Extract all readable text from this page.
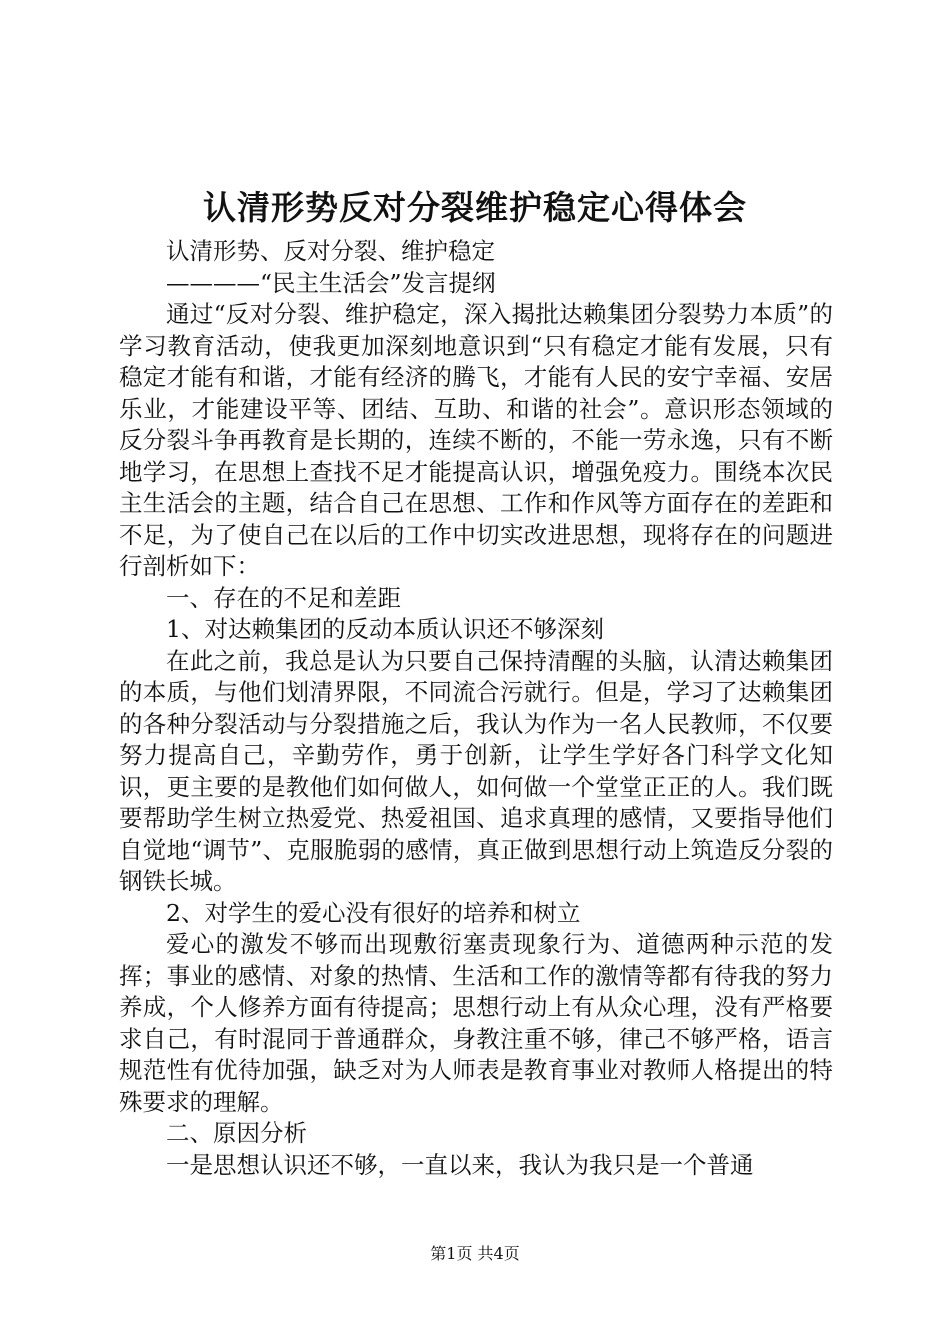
认清形势反对分裂维护稳定心得体会

认清形势、反对分裂、维护稳定

————“民主生活会”发言提纲

通过“反对分裂、维护稳定，深入揭批达赖集团分裂势力本质”的学习教育活动，使我更加深刻地意识到“只有稳定才能有发展，只有稳定才能有和谐，才能有经济的腾飞，才能有人民的安宁幸福、安居乐业，才能建设平等、团结、互助、和谐的社会”。意识形态领域的反分裂斗争再教育是长期的，连续不断的，不能一劳永逸，只有不断地学习，在思想上查找不足才能提高认识，增强免疫力。围绕本次民主生活会的主题，结合自己在思想、工作和作风等方面存在的差距和不足，为了使自己在以后的工作中切实改进思想，现将存在的问题进行剖析如下：

一、存在的不足和差距

1、对达赖集团的反动本质认识还不够深刻

在此之前，我总是认为只要自己保持清醒的头脑，认清达赖集团的本质，与他们划清界限，不同流合污就行。但是，学习了达赖集团的各种分裂活动与分裂措施之后，我认为作为一名人民教师，不仅要努力提高自己，辛勤劳作，勇于创新，让学生学好各门科学文化知识，更主要的是教他们如何做人，如何做一个堂堂正正的人。我们既要帮助学生树立热爱党、热爱祖国、追求真理的感情，又要指导他们自觉地“调节”、克服脆弱的感情，真正做到思想行动上筑造反分裂的钢铁长城。

2、对学生的爱心没有很好的培养和树立

爱心的激发不够而出现敷衍塞责现象行为、道德两种示范的发挥；事业的感情、对象的热情、生活和工作的激情等都有待我的努力养成，个人修养方面有待提高；思想行动上有从众心理，没有严格要求自己，有时混同于普通群众，身教注重不够，律己不够严格，语言规范性有优待加强，缺乏对为人师表是教育事业对教师人格提出的特殊要求的理解。

二、原因分析

一是思想认识还不够，一直以来，我认为我只是一个普通

第1页 共4页
